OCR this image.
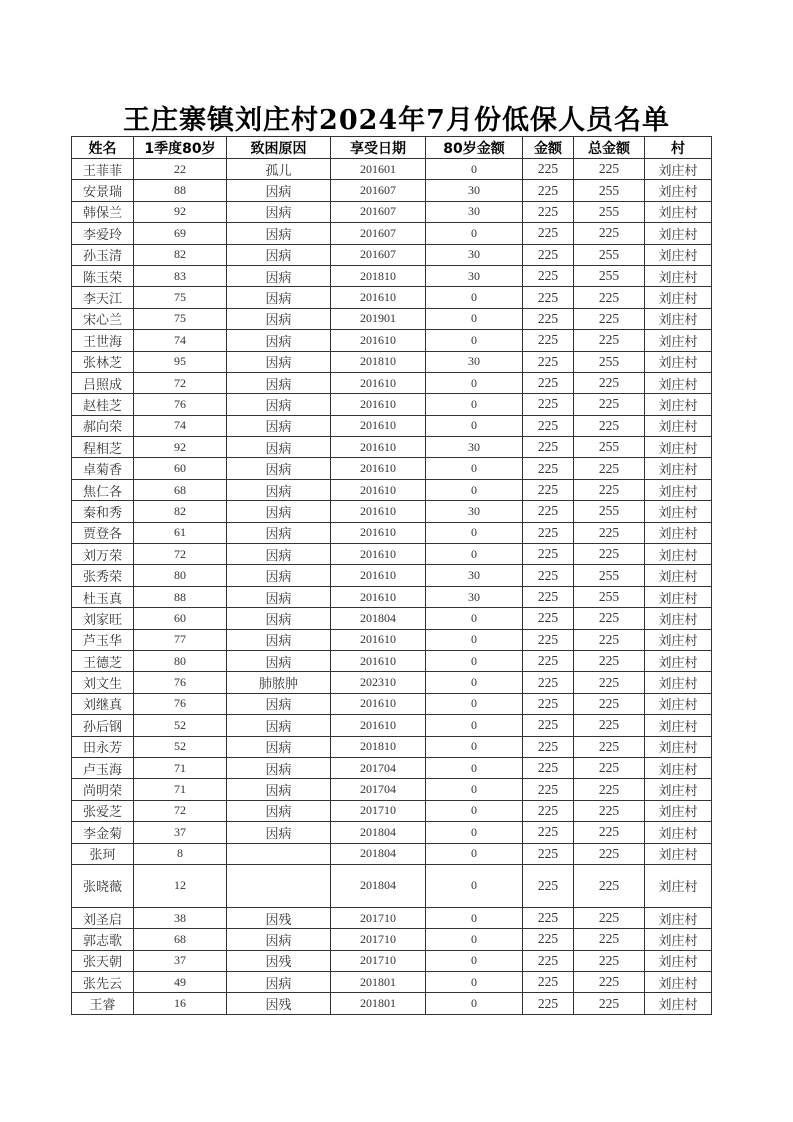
王庄寨镇刘庄村2024年7月份低保人员名单
姓名	1季度80岁	致困原因	享受日期	80岁金额	金额	总金额	村
王菲菲	22	孤儿	201601	0	225	225	刘庄村
安景瑞	88	因病	201607	30	225	255	刘庄村
韩保兰	92	因病	201607	30	225	255	刘庄村
李爱玲	69	因病	201607	0	225	225	刘庄村
孙玉清	82	因病	201607	30	225	255	刘庄村
陈玉荣	83	因病	201810	30	225	255	刘庄村
李天江	75	因病	201610	0	225	225	刘庄村
宋心兰	75	因病	201901	0	225	225	刘庄村
王世海	74	因病	201610	0	225	225	刘庄村
张林芝	95	因病	201810	30	225	255	刘庄村
吕照成	72	因病	201610	0	225	225	刘庄村
赵桂芝	76	因病	201610	0	225	225	刘庄村
郝向荣	74	因病	201610	0	225	225	刘庄村
程相芝	92	因病	201610	30	225	255	刘庄村
卓菊香	60	因病	201610	0	225	225	刘庄村
焦仁各	68	因病	201610	0	225	225	刘庄村
秦和秀	82	因病	201610	30	225	255	刘庄村
贾登各	61	因病	201610	0	225	225	刘庄村
刘万荣	72	因病	201610	0	225	225	刘庄村
张秀荣	80	因病	201610	30	225	255	刘庄村
杜玉真	88	因病	201610	30	225	255	刘庄村
刘家旺	60	因病	201804	0	225	225	刘庄村
芦玉华	77	因病	201610	0	225	225	刘庄村
王德芝	80	因病	201610	0	225	225	刘庄村
刘文生	76	肺脓肿	202310	0	225	225	刘庄村
刘继真	76	因病	201610	0	225	225	刘庄村
孙后钢	52	因病	201610	0	225	225	刘庄村
田永芳	52	因病	201810	0	225	225	刘庄村
卢玉海	71	因病	201704	0	225	225	刘庄村
尚明荣	71	因病	201704	0	225	225	刘庄村
张爱芝	72	因病	201710	0	225	225	刘庄村
李金菊	37	因病	201804	0	225	225	刘庄村
张珂	8		201804	0	225	225	刘庄村
张晓薇	12		201804	0	225	225	刘庄村
刘圣启	38	因残	201710	0	225	225	刘庄村
郭志歌	68	因病	201710	0	225	225	刘庄村
张天朝	37	因残	201710	0	225	225	刘庄村
张先云	49	因病	201801	0	225	225	刘庄村
王睿	16	因残	201801	0	225	225	刘庄村
